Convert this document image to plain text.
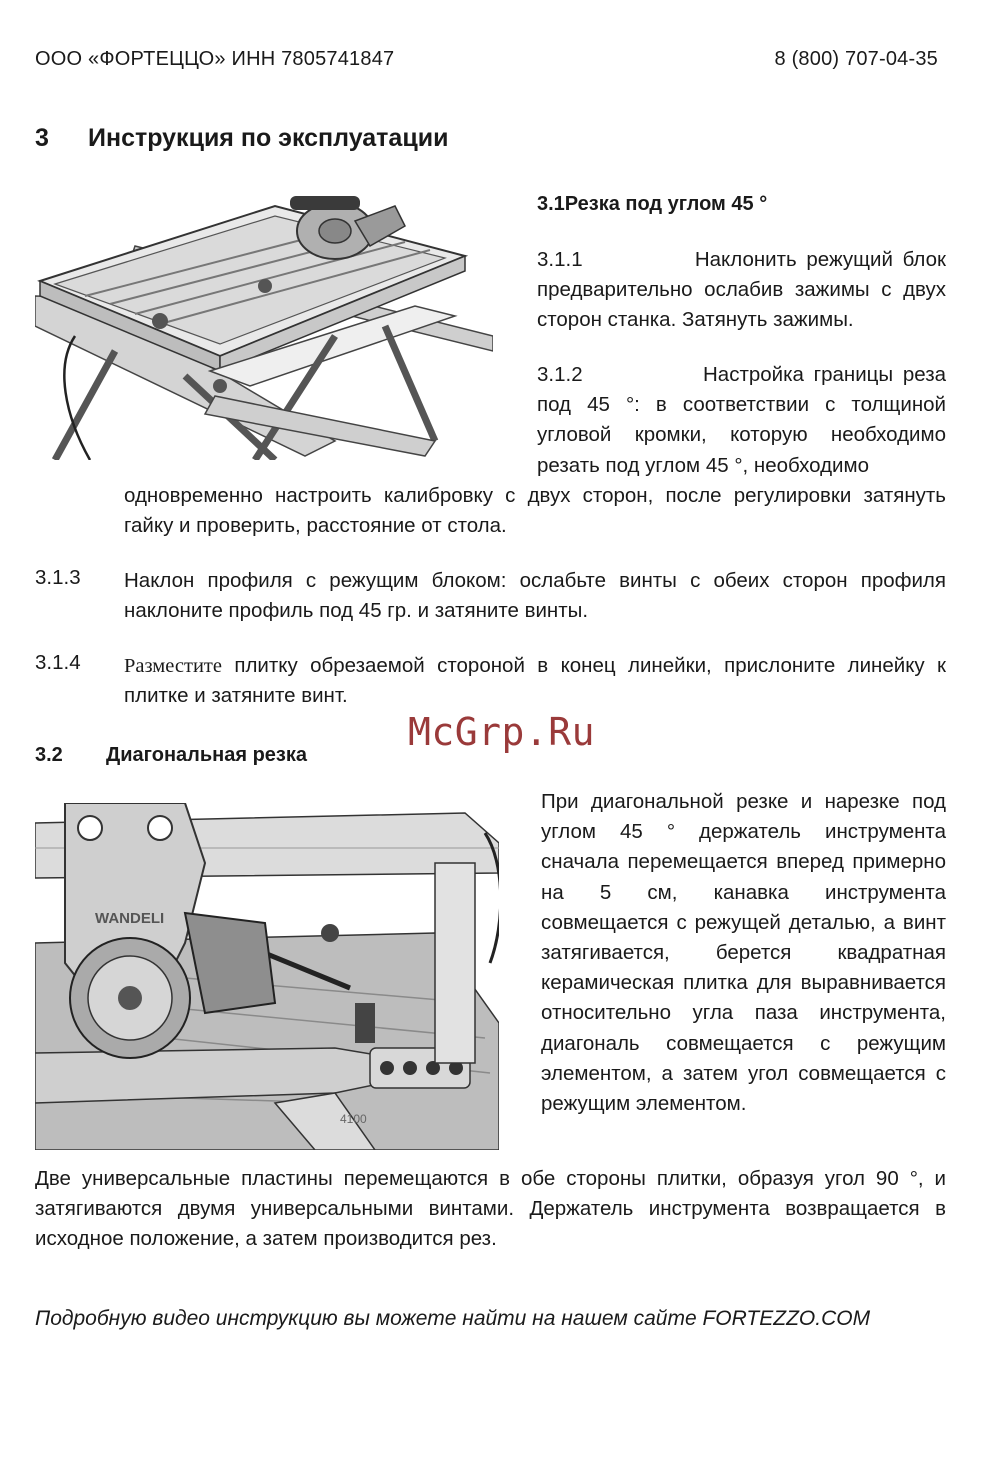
ООО «ФОРТЕЦЦО» ИНН 7805741847	8 (800) 707-04-35
3 Инструкция по эксплуатации
3.1Резка под углом 45 °
3.1.1	Наклонить режущий блок
предварительно ослабив зажимы с двух сторон станка. Затянуть зажимы.
3.1.2	Настройка границы реза
под 45 °: в соответствии с толщиной угловой кромки, которую необходимо резать под углом 45 °, необходимо
одновременно настроить калибровку с двух сторон, после регулировки затянуть гайку и проверить, расстояние от стола.
3.1.3 Наклон профиля с режущим блоком: ослабьте винты с обеих сторон профиля наклоните профиль под 45 гр. и затяните винты.
3.1.4 Разместите плитку обрезаемой стороной в конец линейки, прислоните линейку к плитке и затяните винт.
McGrp.Ru
3.2 Диагональная резка
WANDELI
4100
При диагональной резке и нарезке под углом 45 ° держатель инструмента сначала перемещается вперед примерно на 5 см, канавка инструмента совмещается с режущей деталью, а винт затягивается, берется квадратная керамическая плитка для выравнивается относительно угла паза инструмента, диагональ совмещается с режущим элементом, а затем угол совмещается с режущим элементом.
Две универсальные пластины перемещаются в обе стороны плитки, образуя угол 90 °, и затягиваются двумя универсальными винтами. Держатель инструмента возвращается в исходное положение, а затем производится рез.
Подробную видео инструкцию вы можете найти на нашем сайте FORTEZZO.COM
